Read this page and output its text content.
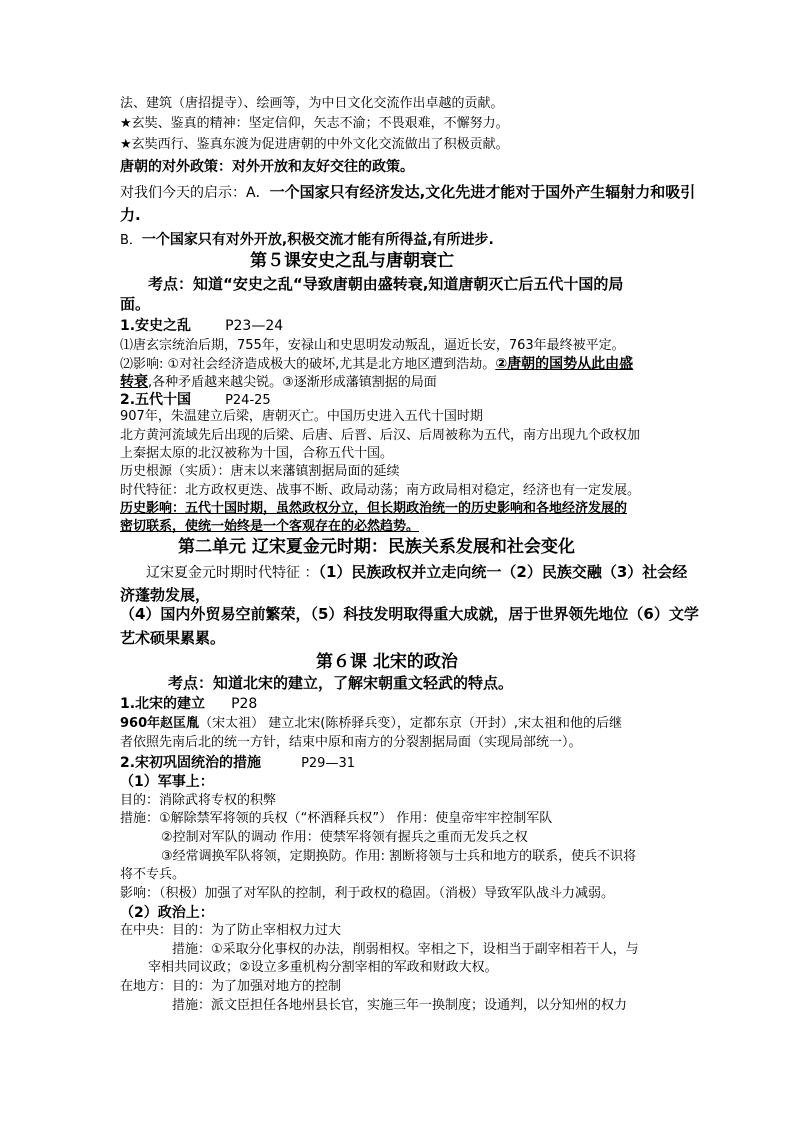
法、建筑（唐招提寺）、绘画等，为中日文化交流作出卓越的贡献。
★玄奘、鉴真的精神：坚定信仰，矢志不渝；不畏艰难，不懈努力。
★玄奘西行、鉴真东渡为促进唐朝的中外文化交流做出了积极贡献。
唐朝的对外政策：对外开放和友好交往的政策。
对我们今天的启示：A．一个国家只有经济发达,文化先进才能对于国外产生辐射力和吸引
力.
B．一个国家只有对外开放,积极交流才能有所得益,有所进步.
第５课安史之乱与唐朝衰亡
考点：知道“安史之乱“导致唐朝由盛转衰,知道唐朝灭亡后五代十国的局
面。
1.安史之乱 P23—24
⑴唐玄宗统治后期，755年，安禄山和史思明发动叛乱，逼近长安，763年最终被平定。
⑵影响: ①对社会经济造成极大的破坏,尤其是北方地区遭到浩劫。②唐朝的国势从此由盛
转衰,各种矛盾越来越尖锐。③逐渐形成藩镇割据的局面
2.五代十国	P24-25
907年，朱温建立后梁，唐朝灭亡。中国历史进入五代十国时期
北方黄河流域先后出现的后梁、后唐、后晋、后汉、后周被称为五代，南方出现九个政权加
上秦据太原的北汉被称为十国，合称五代十国。
历史根源（实质）：唐末以来藩镇割据局面的延续
时代特征：北方政权更迭、战事不断、政局动荡；南方政局相对稳定，经济也有一定发展。
历史影响：五代十国时期，虽然政权分立，但长期政治统一的历史影响和各地经济发展的
密切联系，使统一始终是一个客观存在的必然趋势。
第二单元 辽宋夏金元时期：民族关系发展和社会变化
辽宋夏金元时期时代特征 ：（1）民族政权并立走向统一（2）民族交融（3）社会经
济蓬勃发展，
（4）国内外贸易空前繁荣，（5）科技发明取得重大成就，居于世界领先地位（6）文学
艺术硕果累累。
第６课 北宋的政治
考点：知道北宋的建立，了解宋朝重文轻武的特点。
1.北宋的建立 P28
960年赵匡胤（宋太祖） 建立北宋(陈桥驿兵变），定都东京（开封）,宋太祖和他的后继
者依照先南后北的统一方针，结束中原和南方的分裂割据局面（实现局部统一）。
2.宋初巩固统治的措施	P29—31
（1）军事上：
目的：消除武将专权的积弊
措施：①解除禁军将领的兵权（“杯酒释兵权”） 作用：使皇帝牢牢控制军队
②控制对军队的调动 作用：使禁军将领有握兵之重而无发兵之权
③经常调换军队将领，定期换防。作用: 割断将领与士兵和地方的联系，使兵不识将
将不专兵。
影响：（积极）加强了对军队的控制，利于政权的稳固。（消极）导致军队战斗力减弱。
（2）政治上：
在中央：目的：为了防止宰相权力过大
措施：①采取分化事权的办法，削弱相权。宰相之下，设相当于副宰相若干人，与
宰相共同议政；②设立多重机构分割宰相的军政和财政大权。
在地方：目的：为了加强对地方的控制
措施：派文臣担任各地州县长官，实施三年一换制度；设通判，以分知州的权力
